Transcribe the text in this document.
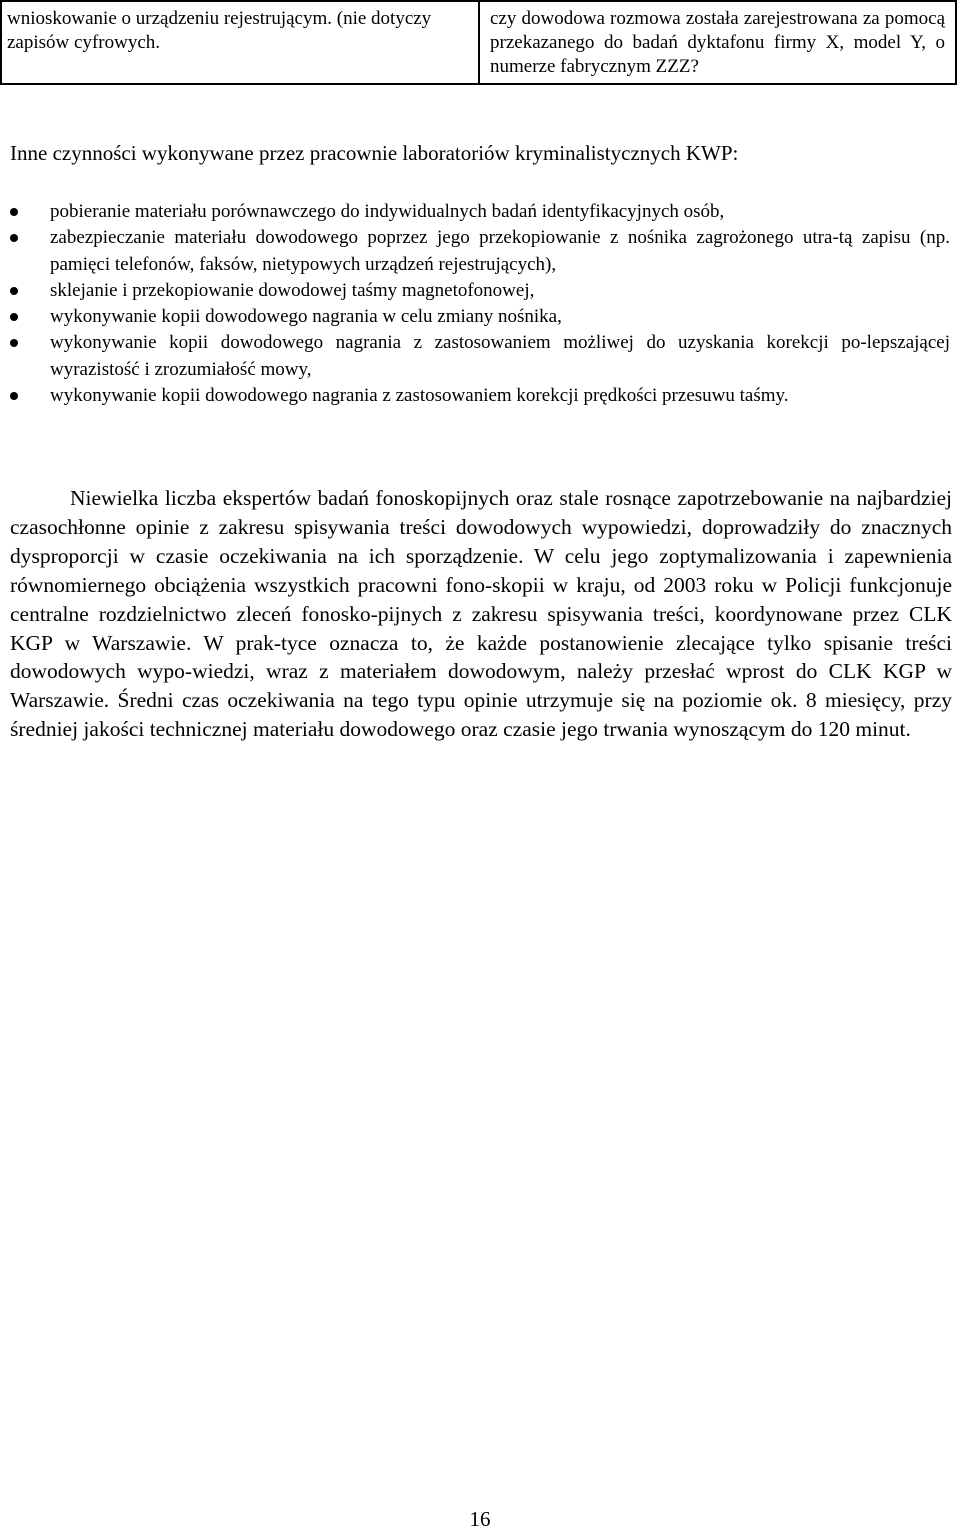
wnioskowanie o urządzeniu rejestrującym. (nie dotyczy zapisów cyfrowych.
czy dowodowa rozmowa została zarejestrowana za pomocą przekazanego do badań dyktafonu firmy X, model Y, o numerze fabrycznym ZZZ?
Inne czynności wykonywane przez pracownie laboratoriów kryminalistycznych KWP:
pobieranie materiału porównawczego do indywidualnych badań identyfikacyjnych osób,
zabezpieczanie materiału dowodowego poprzez jego przekopiowanie z nośnika zagrożonego utra-tą zapisu (np. pamięci telefonów, faksów, nietypowych urządzeń rejestrujących),
sklejanie i przekopiowanie dowodowej taśmy magnetofonowej,
wykonywanie kopii dowodowego nagrania w celu zmiany nośnika,
wykonywanie kopii dowodowego nagrania z zastosowaniem możliwej do uzyskania korekcji po-lepszającej wyrazistość i zrozumiałość mowy,
wykonywanie kopii dowodowego nagrania z zastosowaniem korekcji prędkości przesuwu taśmy.

Niewielka liczba ekspertów badań fonoskopijnych oraz stale rosnące zapotrzebowanie na najbardziej czasochłonne opinie z zakresu spisywania treści dowodowych wypowiedzi, doprowadziły do znacznych dysproporcji w czasie oczekiwania na ich sporządzenie. W celu jego zoptymalizowania i zapewnienia równomiernego obciążenia wszystkich pracowni fono-skopii w kraju, od 2003 roku w Policji funkcjonuje centralne rozdzielnictwo zleceń fonosko-pijnych z zakresu spisywania treści, koordynowane przez CLK KGP w Warszawie. W prak-tyce oznacza to, że każde postanowienie zlecające tylko spisanie treści dowodowych wypo-wiedzi, wraz z materiałem dowodowym, należy przesłać wprost do CLK KGP w Warszawie. Średni czas oczekiwania na tego typu opinie utrzymuje się na poziomie ok. 8 miesięcy, przy średniej jakości technicznej materiału dowodowego oraz czasie jego trwania wynoszącym do 120 minut.

16
